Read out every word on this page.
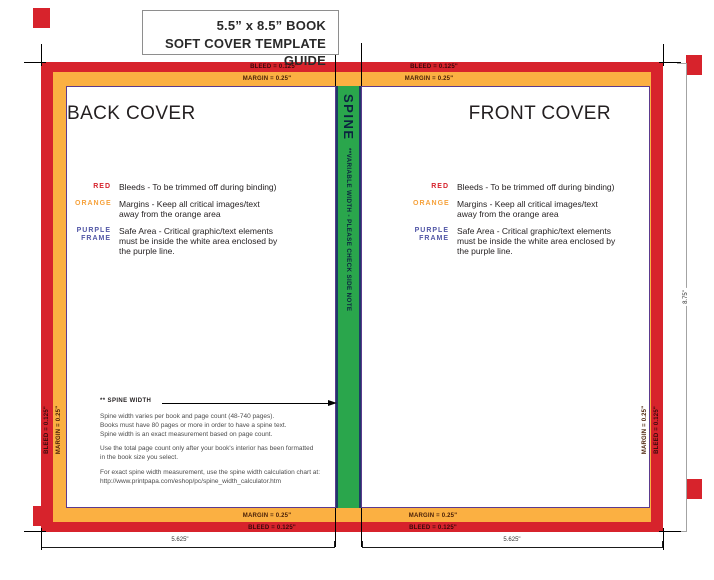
SPINE
**VARIABLE WIDTH - PLEASE CHECK SIDE NOTE
5.5” x 8.5” BOOK
SOFT COVER TEMPLATE GUIDE
BLEED = 0.125"
MARGIN = 0.25"
BLEED = 0.125"
MARGIN = 0.25"
MARGIN = 0.25"	MARGIN = 0.25"
BLEED = 0.125"	BLEED = 0.125"
BLEED = 0.125" MARGIN = 0.25"	MARGIN = 0.25" BLEED = 0.125"
BACK COVER	FRONT COVER
RED Bleeds - To be trimmed off during binding)
ORANGE Margins - Keep all critical images/text
away from the orange area
PURPLE
FRAME
Safe Area - Critical graphic/text elements
must be inside the white area enclosed by
the purple line.
RED Bleeds - To be trimmed off during binding)
ORANGE Margins - Keep all critical images/text
away from the orange area
PURPLE
FRAME
Safe Area - Critical graphic/text elements
must be inside the white area enclosed by
the purple line.
** SPINE WIDTH
Spine width varies per book and page count (48-740 pages).
Books must have 80 pages or more in order to have a spine text.
Spine width is an exact measurement based on page count.
Use the total page count only after your book's interior has been formatted
in the book size you select.
For exact spine width measurement, use the spine width calculation chart at:
http://www.printpapa.com/eshop/pc/spine_width_calculator.htm
5.625"	5.625"
8.75"
